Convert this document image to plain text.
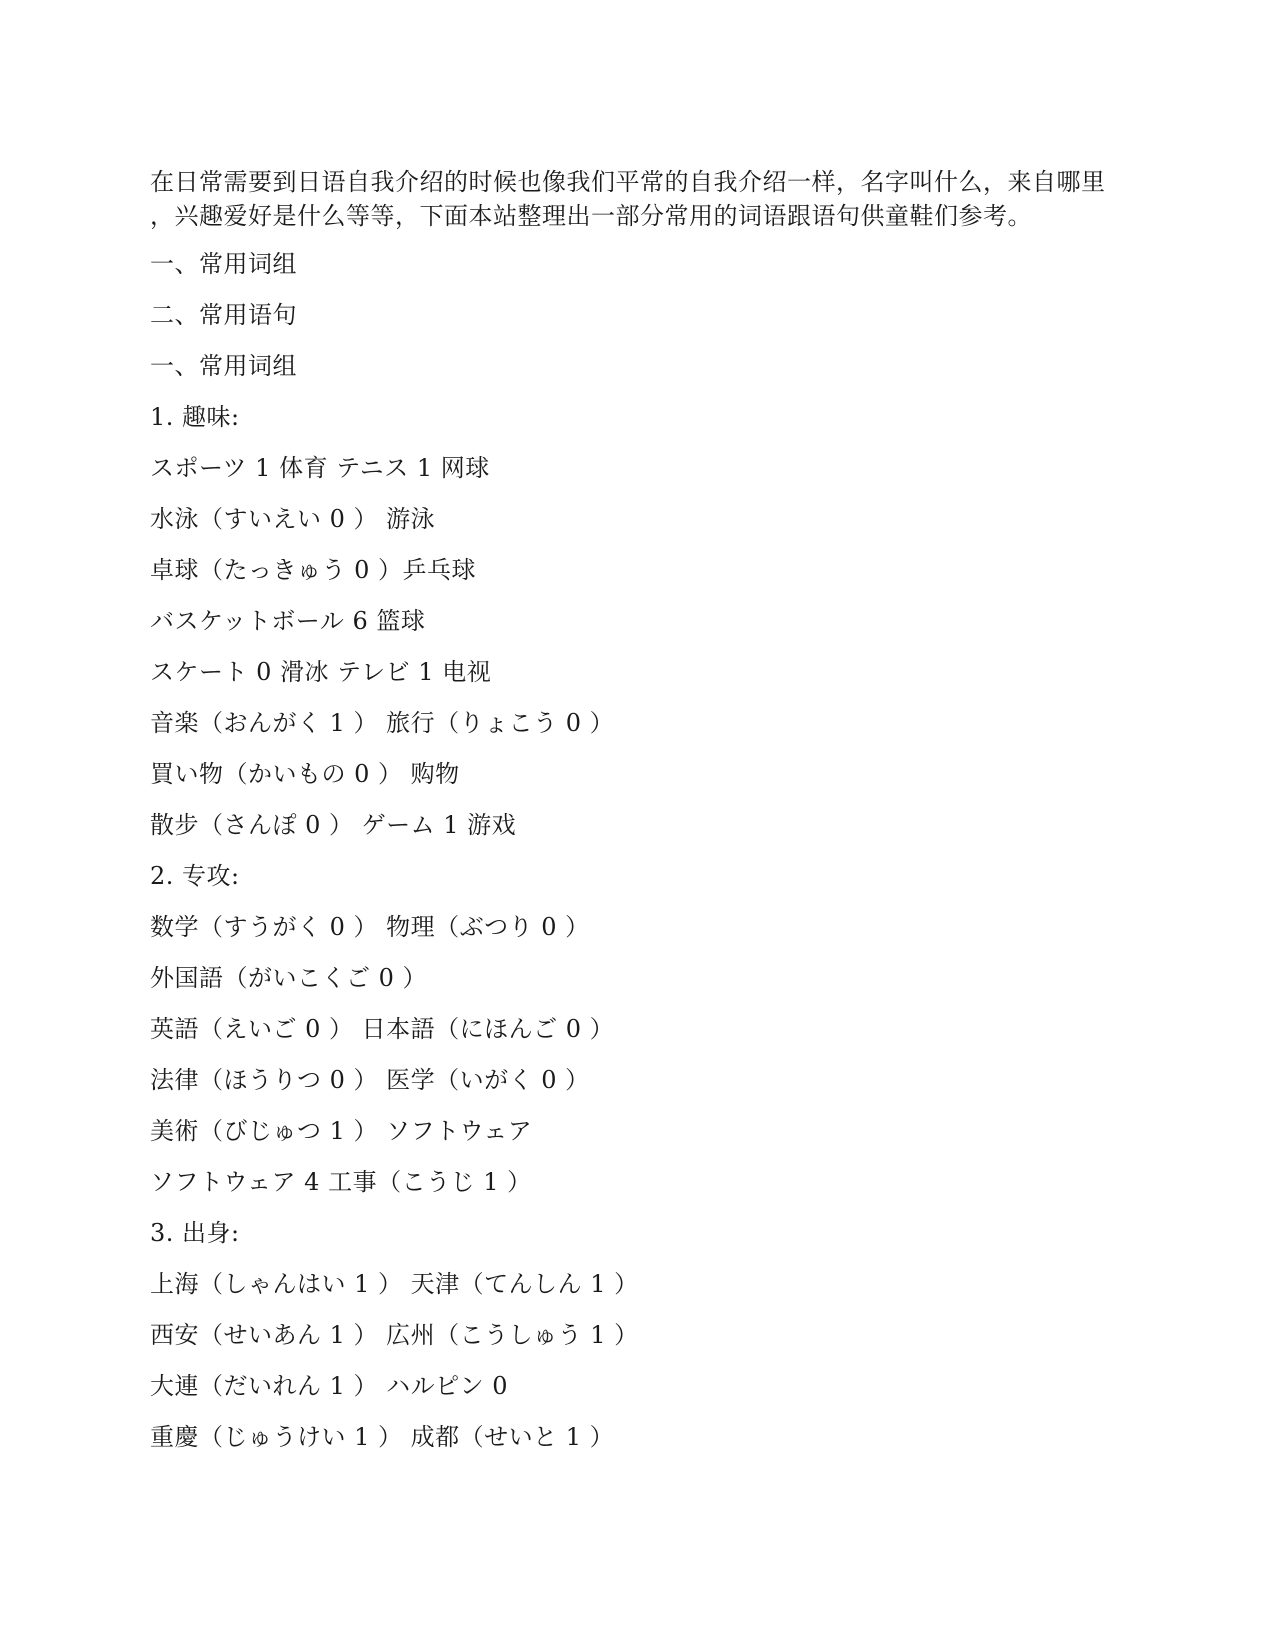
在日常需要到日语自我介绍的时候也像我们平常的自我介绍一样，名字叫什么，来自哪里
，兴趣爱好是什么等等，下面本站整理出一部分常用的词语跟语句供童鞋们参考。

一、常用词组

二、常用语句

一、常用词组

1. 趣味:

スポーツ 1 体育 テニス 1 网球

水泳（すいえい 0 ） 游泳

卓球（たっきゅう 0 ）乒乓球

バスケットボール 6 篮球

スケート 0 滑冰 テレビ 1 电视

音楽（おんがく 1 ） 旅行（りょこう 0 ）

買い物（かいもの 0 ） 购物

散步（さんぽ 0 ） ゲーム 1 游戏

2. 专攻:

数学（すうがく 0 ） 物理（ぶつり 0 ）

外国語（がいこくご 0 ）

英語（えいご 0 ） 日本語（にほんご 0 ）

法律（ほうりつ 0 ） 医学（いがく 0 ）

美術（びじゅつ 1 ） ソフトウェア

ソフトウェア 4 工事（こうじ 1 ）

3. 出身:

上海（しゃんはい 1 ） 天津（てんしん 1 ）

西安（せいあん 1 ） 広州（こうしゅう 1 ）

大連（だいれん 1 ） ハルピン 0

重慶（じゅうけい 1 ） 成都（せいと 1 ）
